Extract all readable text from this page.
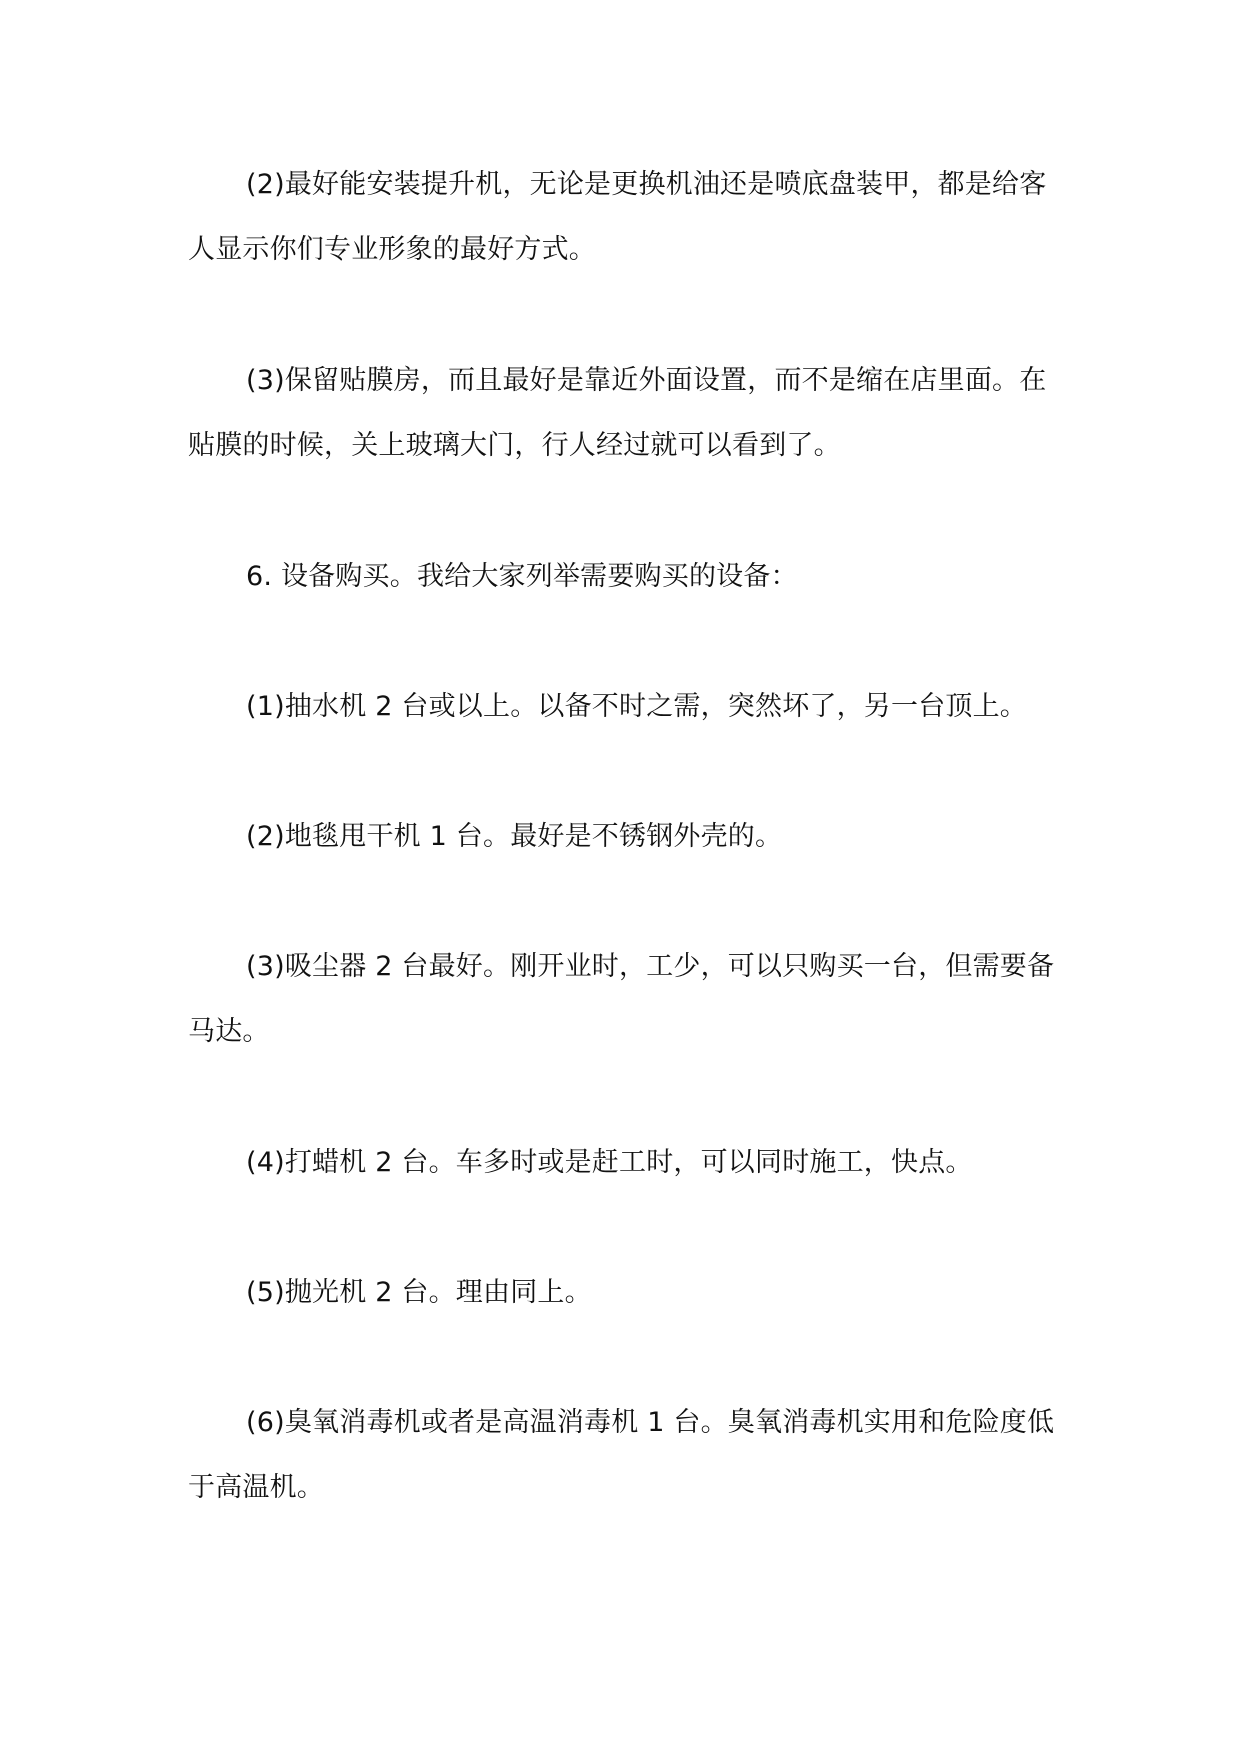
(2)最好能安装提升机，无论是更换机油还是喷底盘装甲，都是给客人显示你们专业形象的最好方式。

(3)保留贴膜房，而且最好是靠近外面设置，而不是缩在店里面。在贴膜的时候，关上玻璃大门，行人经过就可以看到了。

6. 设备购买。我给大家列举需要购买的设备：

(1)抽水机 2 台或以上。以备不时之需，突然坏了，另一台顶上。

(2)地毯甩干机 1 台。最好是不锈钢外壳的。

(3)吸尘器 2 台最好。刚开业时，工少，可以只购买一台，但需要备马达。

(4)打蜡机 2 台。车多时或是赶工时，可以同时施工，快点。

(5)抛光机 2 台。理由同上。

(6)臭氧消毒机或者是高温消毒机 1 台。臭氧消毒机实用和危险度低于高温机。
